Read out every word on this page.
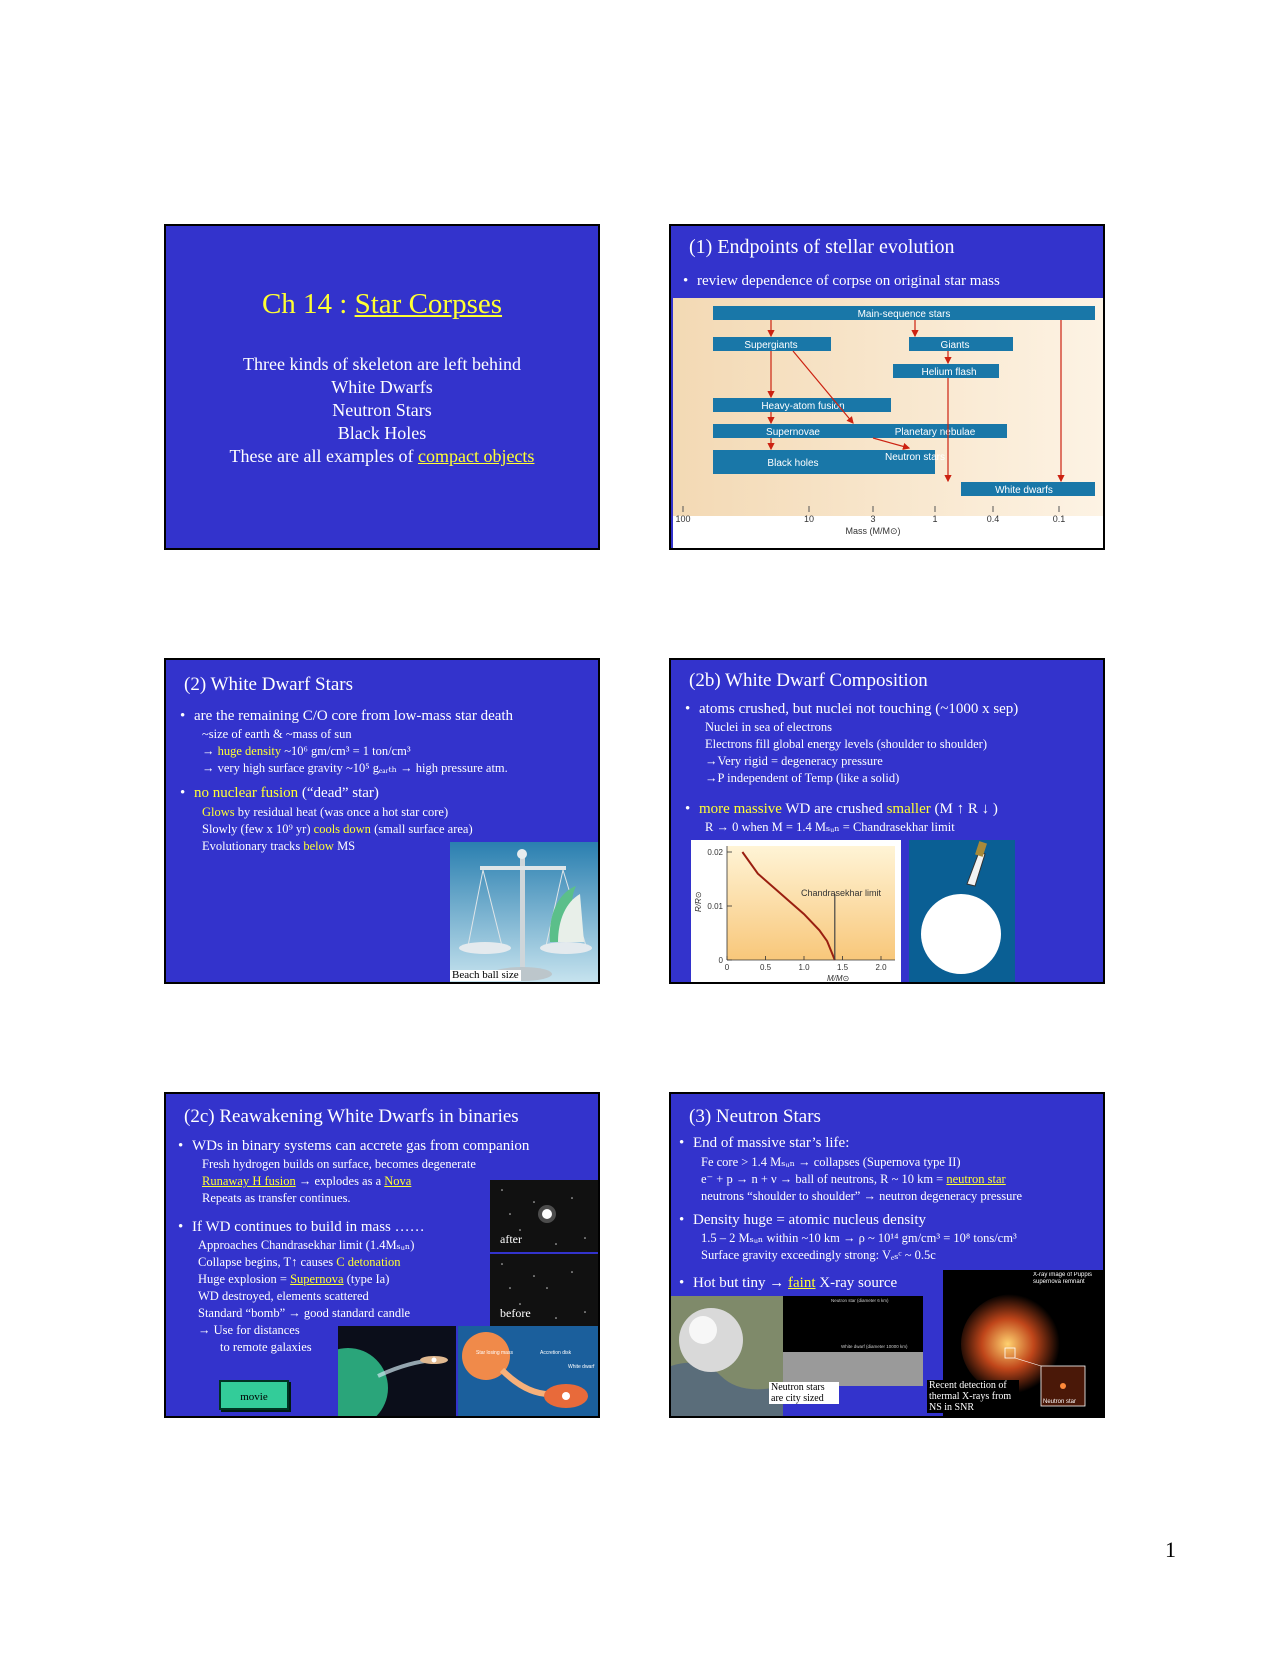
Ch 14 : Star Corpses
Three kinds of skeleton are left behind
White Dwarfs
Neutron Stars
Black Holes
These are all examples of compact objects
(1) Endpoints of stellar evolution
• review dependence of corpse on original star mass
Main-sequence stars
Supergiants	Giants
Helium flash
Heavy-atom fusion
Supernovae	Planetary nebulae
Black holes
White dwarfs
Neutron stars
100	10	3	1	0.4	0.1
Mass (M/M⊙)
(2) White Dwarf Stars
• are the remaining C/O core from low-mass star death
~size of earth & ~mass of sun
→ huge density ~10⁶ gm/cm³ = 1 ton/cm³
→ very high surface gravity ~10⁵ gₑₐᵣₜₕ → high pressure atm.
• no nuclear fusion (“dead” star)
Glows by residual heat (was once a hot star core)
Slowly (few x 10⁹ yr) cools down (small surface area)
Evolutionary tracks below MS
Beach ball size
(2b) White Dwarf Composition
• atoms crushed, but nuclei not touching (~1000 x sep)
Nuclei in sea of electrons
Electrons fill global energy levels (shoulder to shoulder)
→Very rigid = degeneracy pressure
→P independent of Temp (like a solid)
• more massive WD are crushed smaller (M ↑ R ↓ )
R → 0 when M = 1.4 Mₛᵤₙ = Chandrasekhar limit
0	0.5	1.0	1.5	2.0
0
0.01
0.02
Chandrasekhar limit
M/M⊙
R/R⊙
(2c) Reawakening White Dwarfs in binaries
• WDs in binary systems can accrete gas from companion
Fresh hydrogen builds on surface, becomes degenerate
Runaway H fusion → explodes as a Nova
Repeats as transfer continues.
• If WD continues to build in mass ……
Approaches Chandrasekhar limit (1.4Mₛᵤₙ)
Collapse begins, T↑ causes C detonation
Huge explosion = Supernova (type Ia)
WD destroyed, elements scattered
Standard “bomb” → good standard candle
→ Use for distances
to remote galaxies
after
before
Star losing mass	Accretion disk
White dwarf
movie
(3) Neutron Stars
• End of massive star’s life:
Fe core > 1.4 Mₛᵤₙ → collapses (Supernova type II)
e⁻ + p → n + ν → ball of neutrons, R ~ 10 km = neutron star
neutrons “shoulder to shoulder” → neutron degeneracy pressure
• Density huge = atomic nucleus density
1.5 – 2 Mₛᵤₙ within ~10 km → ρ ~ 10¹⁴ gm/cm³ = 10⁸ tons/cm³
Surface gravity exceedingly strong: Vₑₛᶜ ~ 0.5c
• Hot but tiny → faint X-ray source
Neutron star (diameter 6 km)
White dwarf (diameter 10000 km)
Neutron stars are city sized	Neutron star
X-ray image of Puppis supernova remnant
Recent detection of thermal X-rays from NS in SNR
1
